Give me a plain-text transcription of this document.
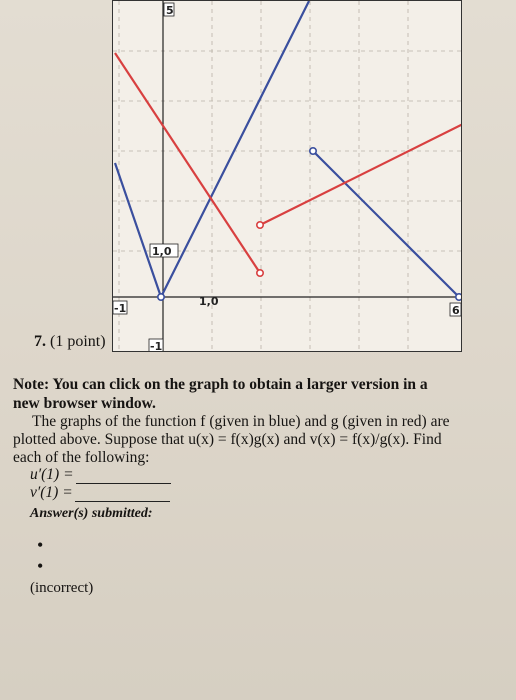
5
1,0
1,0
-1	6
-1
7. (1 point)
Note: You can click on the graph to obtain a larger version in a new browser window.
The graphs of the function f (given in blue) and g (given in red) are plotted above. Suppose that u(x) = f(x)g(x) and v(x) = f(x)/g(x). Find each of the following:
u′(1) =
v′(1) =
Answer(s) submitted:
•
•
(incorrect)
